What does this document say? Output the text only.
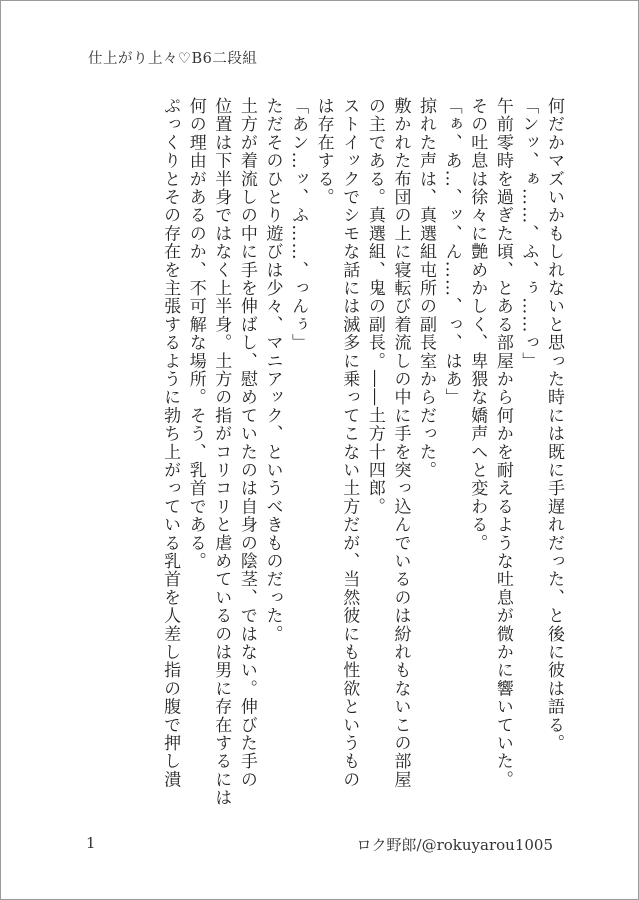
仕上がり上々♡B6二段組

何だかマズいかもしれないと思った時には既に手遅れだった、と後に彼は語る。

「ンッ、ぁ……、ふ、ぅ……っ」

午前零時を過ぎた頃、とある部屋から何かを耐えるような吐息が微かに響いていた。

その吐息は徐々に艶めかしく、卑猥な嬌声へと変わる。

「ぁ、あ…、ッ、ん……、っ、はあ」

掠れた声は、真選組屯所の副長室からだった。

敷かれた布団の上に寝転び着流しの中に手を突っ込んでいるのは紛れもないこの部屋

の主である。真選組、鬼の副長。――土方十四郎。

ストイックでシモな話には滅多に乗ってこない土方だが、当然彼にも性欲というもの

は存在する。

「あン…ッ、ふ……、っんぅ」

ただそのひとり遊びは少々、マニアック、というべきものだった。

土方が着流しの中に手を伸ばし、慰めていたのは自身の陰茎、ではない。伸びた手の

位置は下半身ではなく上半身。土方の指がコリコリと虐めているのは男に存在するには

何の理由があるのか、不可解な場所。そう、乳首である。

ぷっくりとその存在を主張するように勃ち上がっている乳首を人差し指の腹で押し潰

1	ロク野郎/@rokuyarou1005
